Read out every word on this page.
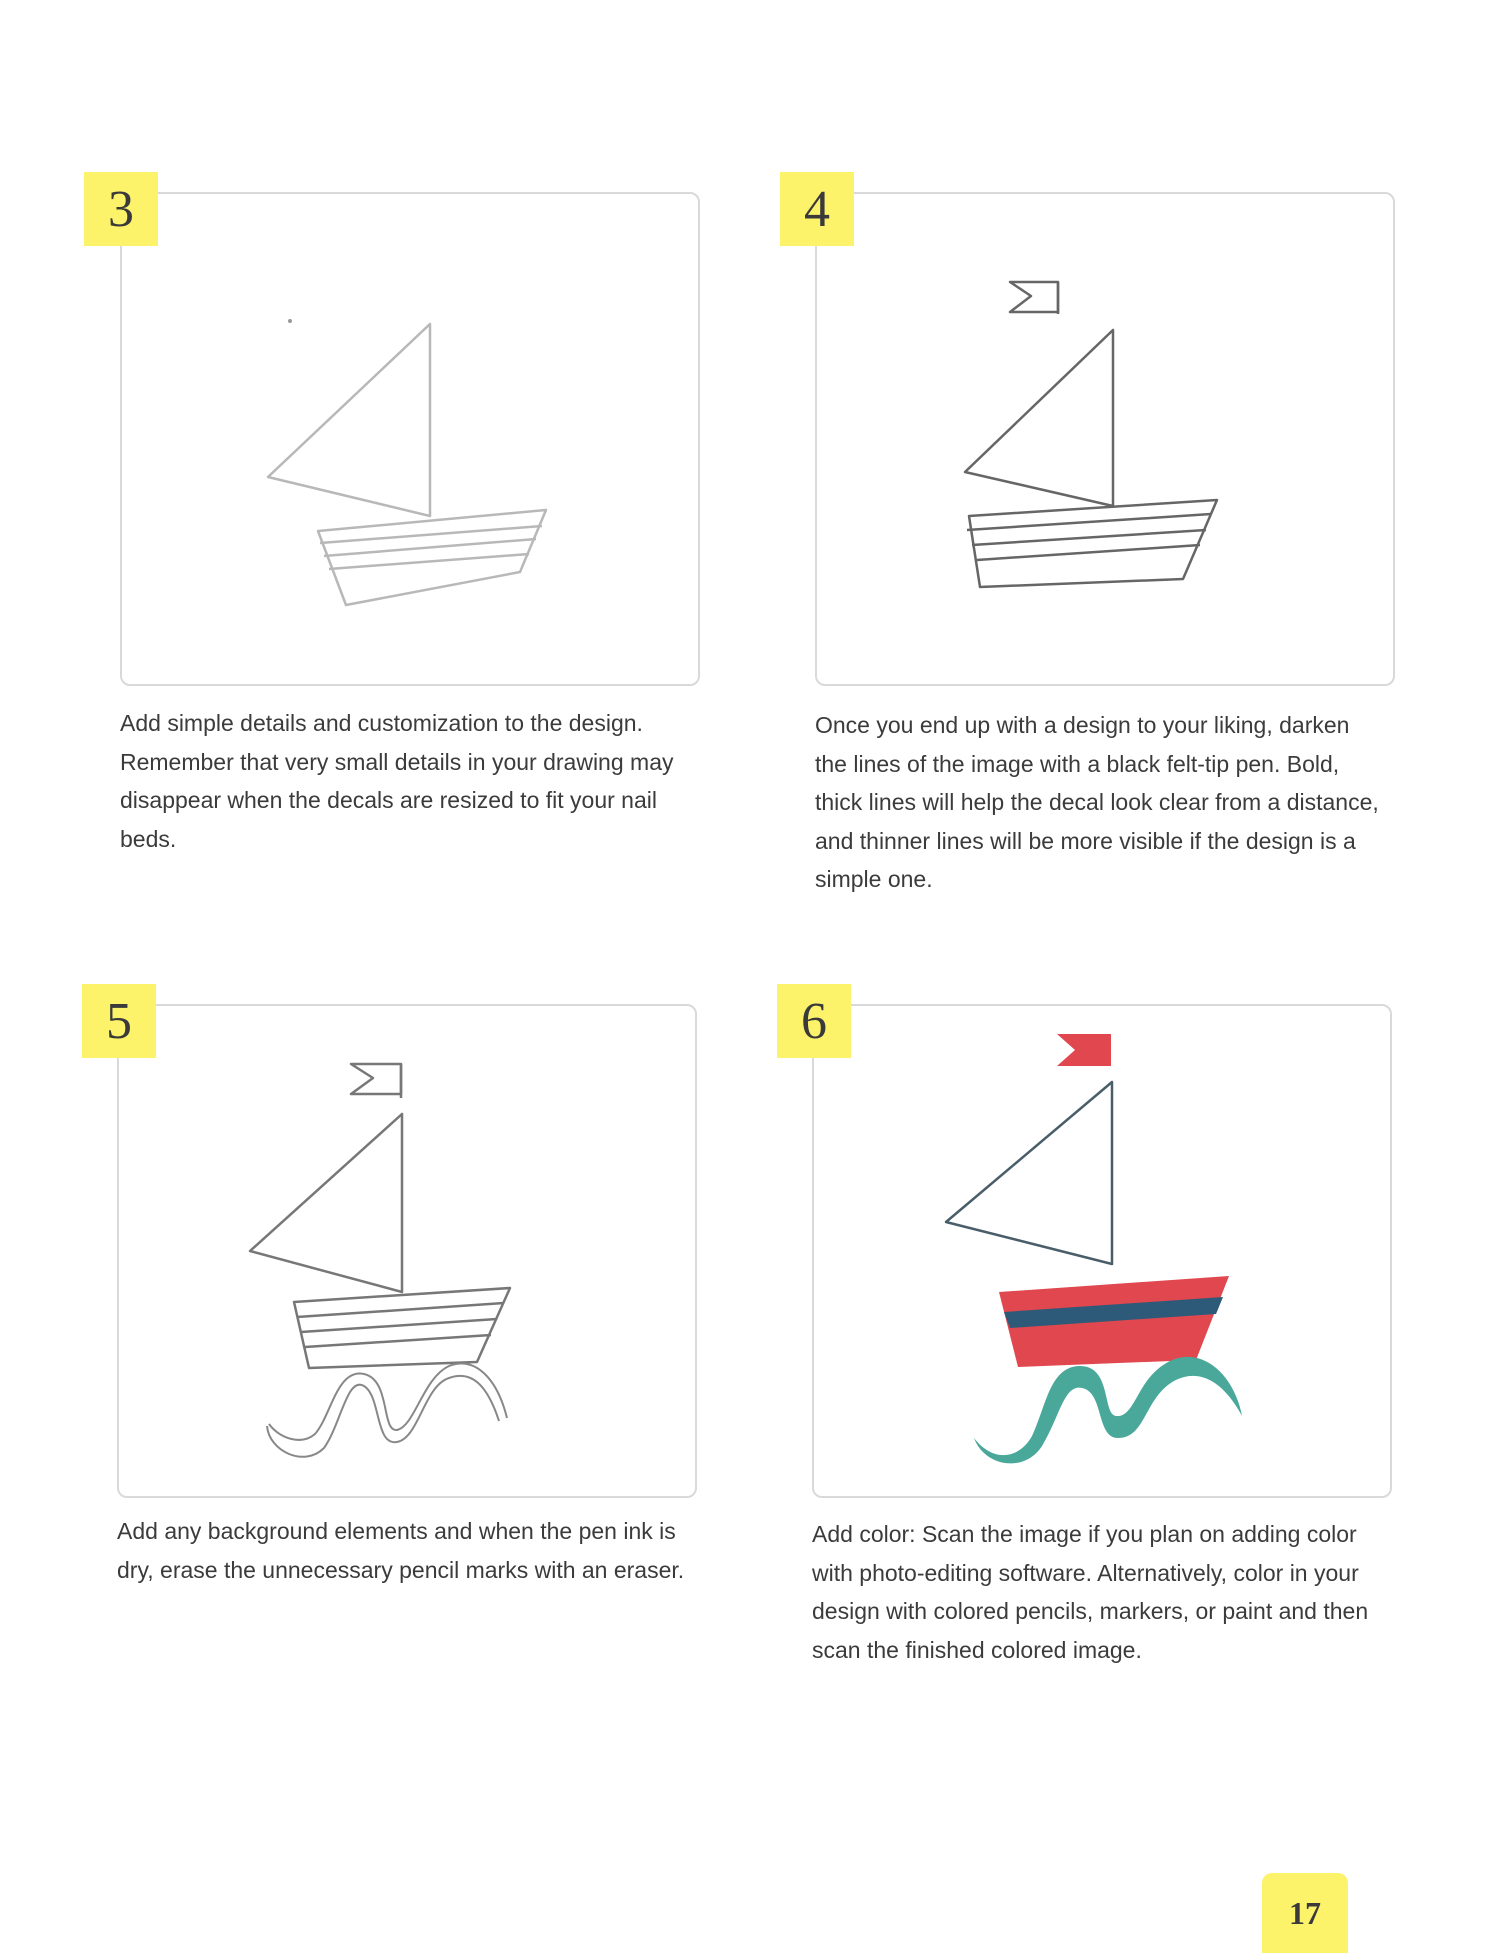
3

Add simple details and customization to the design. Remember that very small details in your drawing may disappear when the decals are resized to fit your nail beds.

4

Once you end up with a design to your liking, darken the lines of the image with a black felt-tip pen. Bold, thick lines will help the decal look clear from a distance, and thinner lines will be more visible if the design is a simple one.

5

Add any background elements and when the pen ink is dry, erase the unnecessary pencil marks with an eraser.

6

Add color: Scan the image if you plan on adding color with photo-editing software. Alternatively, color in your design with colored pencils, markers, or paint and then scan the finished colored image.

17
